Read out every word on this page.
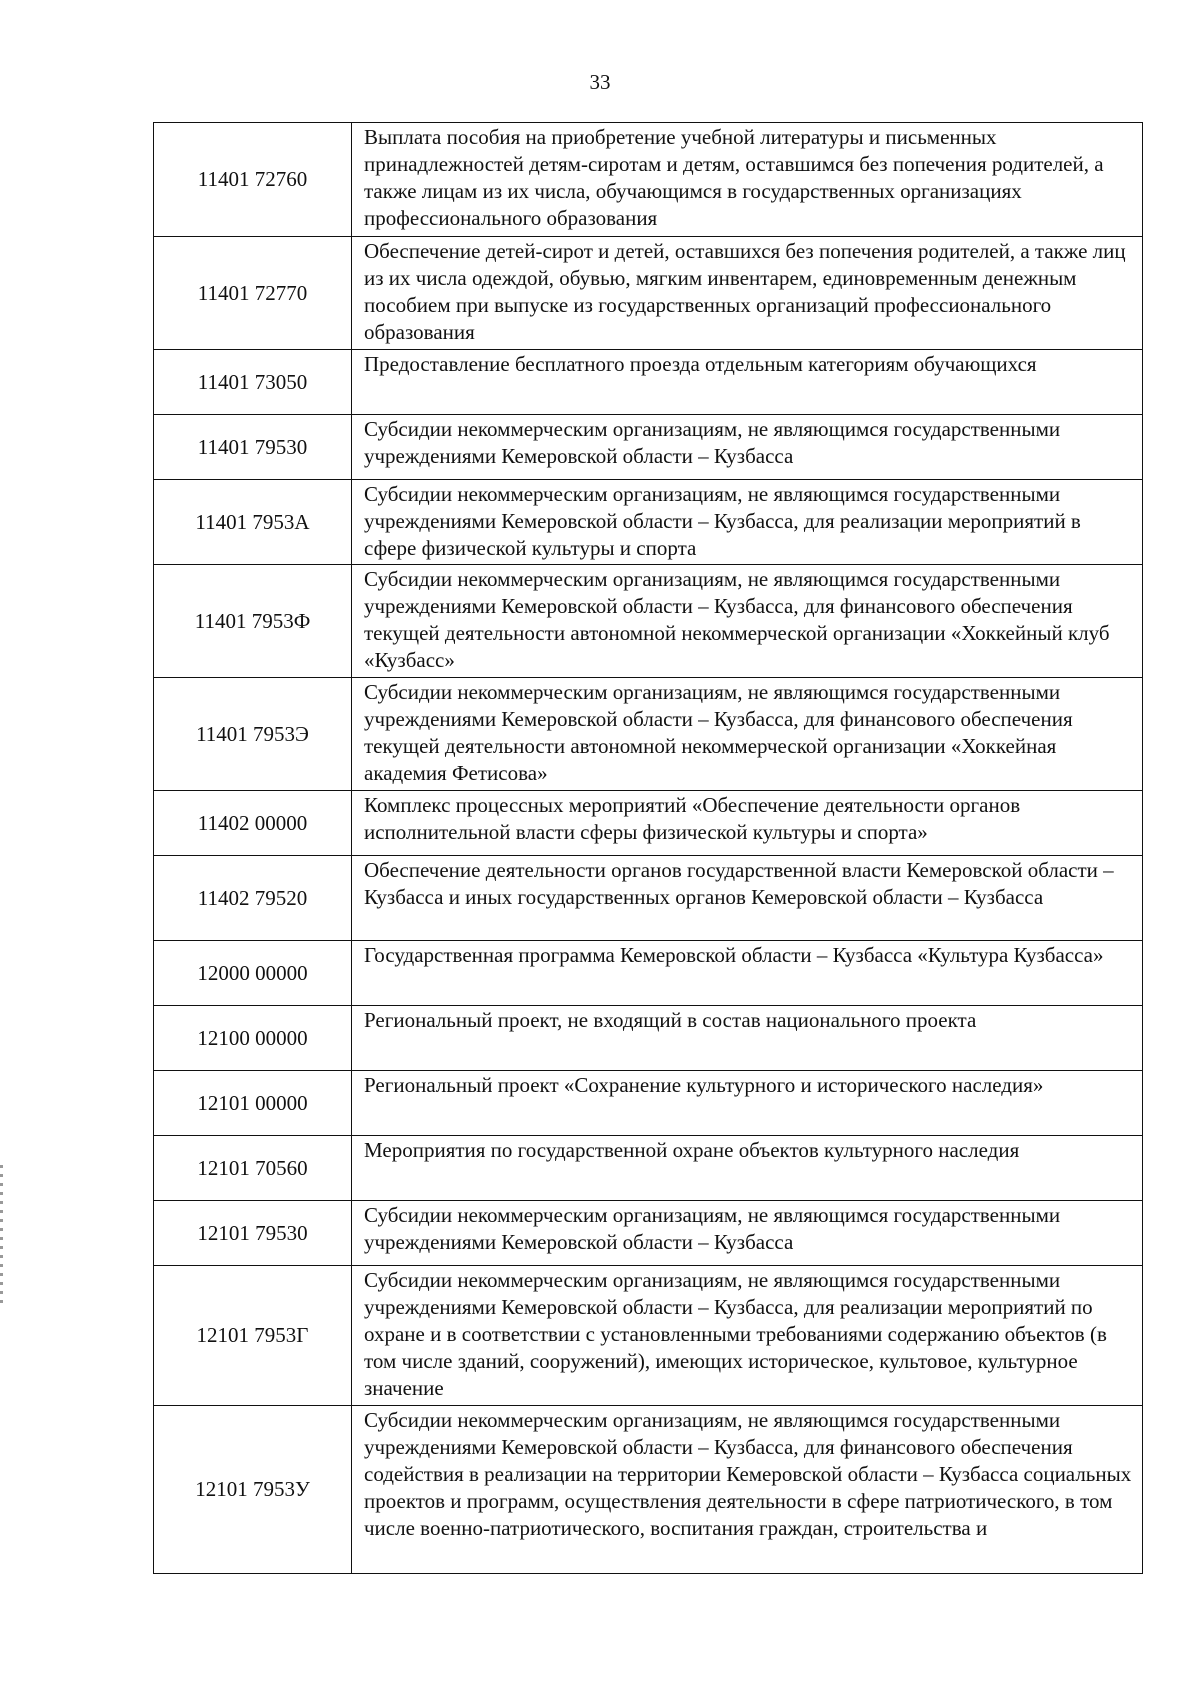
33
11401 72760	Выплата пособия на приобретение учебной литературы и письменных принадлежностей детям-сиротам и детям, оставшимся без попечения родителей, а также лицам из их числа, обучающимся в государственных организациях профессионального образования
11401 72770	Обеспечение детей-сирот и детей, оставшихся без попечения родителей, а также лиц из их числа одеждой, обувью, мягким инвентарем, единовременным денежным пособием при выпуске из государственных организаций профессионального образования
11401 73050	Предоставление бесплатного проезда отдельным категориям обучающихся
11401 79530	Субсидии некоммерческим организациям, не являющимся государственными учреждениями Кемеровской области – Кузбасса
11401 7953А	Субсидии некоммерческим организациям, не являющимся государственными учреждениями Кемеровской области – Кузбасса, для реализации мероприятий в сфере физической культуры и спорта
11401 7953Ф	Субсидии некоммерческим организациям, не являющимся государственными учреждениями Кемеровской области – Кузбасса, для финансового обеспечения текущей деятельности автономной некоммерческой организации «Хоккейный клуб «Кузбасс»
11401 7953Э	Субсидии некоммерческим организациям, не являющимся государственными учреждениями Кемеровской области – Кузбасса, для финансового обеспечения текущей деятельности автономной некоммерческой организации «Хоккейная академия Фетисова»
11402 00000	Комплекс процессных мероприятий «Обеспечение деятельности органов исполнительной власти сферы физической культуры и спорта»
11402 79520	Обеспечение деятельности органов государственной власти Кемеровской области – Кузбасса и иных государственных органов Кемеровской области – Кузбасса
12000 00000	Государственная программа Кемеровской области – Кузбасса «Культура Кузбасса»
12100 00000	Региональный проект, не входящий в состав национального проекта
12101 00000	Региональный проект «Сохранение культурного и исторического наследия»
12101 70560	Мероприятия по государственной охране объектов культурного наследия
12101 79530	Субсидии некоммерческим организациям, не являющимся государственными учреждениями Кемеровской области – Кузбасса
12101 7953Г	Субсидии некоммерческим организациям, не являющимся государственными учреждениями Кемеровской области – Кузбасса, для реализации мероприятий по охране и в соответствии с установленными требованиями содержанию объектов (в том числе зданий, сооружений), имеющих историческое, культовое, культурное значение
12101 7953У	Субсидии некоммерческим организациям, не являющимся государственными учреждениями Кемеровской области – Кузбасса, для финансового обеспечения содействия в реализации на территории Кемеровской области – Кузбасса социальных проектов и программ, осуществления деятельности в сфере патриотического, в том числе военно-патриотического, воспитания граждан, строительства и
